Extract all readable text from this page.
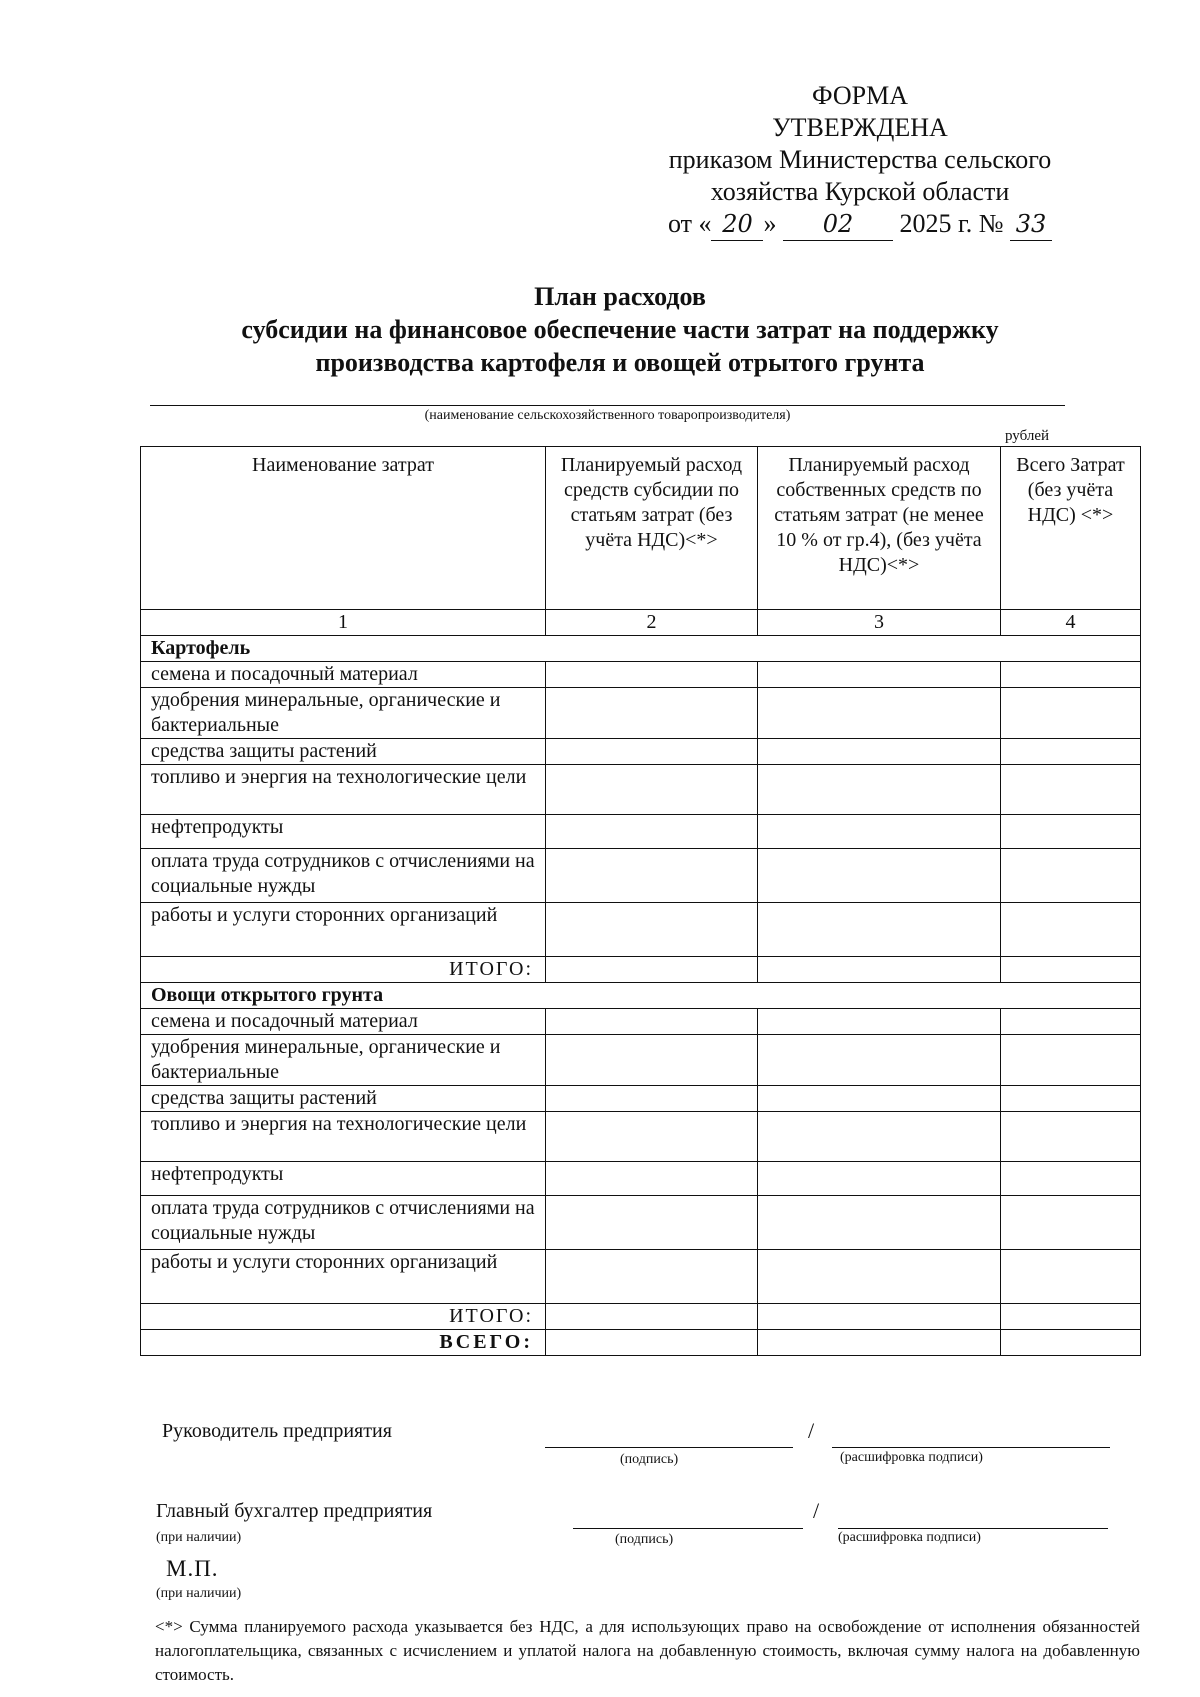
ФОРМА
УТВЕРЖДЕНА
приказом Министерства сельского
хозяйства Курской области
от « 20 » 02 2025 г. № 33
План расходов
субсидии на финансовое обеспечение части затрат на поддержку
производства картофеля и овощей отрытого грунта
(наименование сельскохозяйственного товаропроизводителя)
рублей
Наименование затрат	Планируемый расход средств субсидии по статьям затрат (без учёта НДС)<*>	Планируемый расход собственных средств по статьям затрат (не менее 10 % от гр.4), (без учёта НДС)<*>	Всего Затрат (без учёта НДС) <*>
1	2	3	4
Картофель			
семена и посадочный материал			
удобрения минеральные, органические и бактериальные			
средства защиты растений			
топливо и энергия на технологические цели			
нефтепродукты			
оплата труда сотрудников с отчислениями на социальные нужды			
работы и услуги сторонних организаций			
ИТОГО:			
Овощи открытого грунта			
семена и посадочный материал			
удобрения минеральные, органические и бактериальные			
средства защиты растений			
топливо и энергия на технологические цели			
нефтепродукты			
оплата труда сотрудников с отчислениями на социальные нужды			
работы и услуги сторонних организаций			
ИТОГО:			
ВСЕГО:			
Руководитель предприятия	/
(подпись)	(расшифровка подписи)
Главный бухгалтер предприятия
(при наличии)
/
(подпись)	(расшифровка подписи)
М.П.
(при наличии)
<*> Сумма планируемого расхода указывается без НДС, а для использующих право на освобождение от исполнения обязанностей налогоплательщика, связанных с исчислением и уплатой налога на добавленную стоимость, включая сумму налога на добавленную стоимость.
